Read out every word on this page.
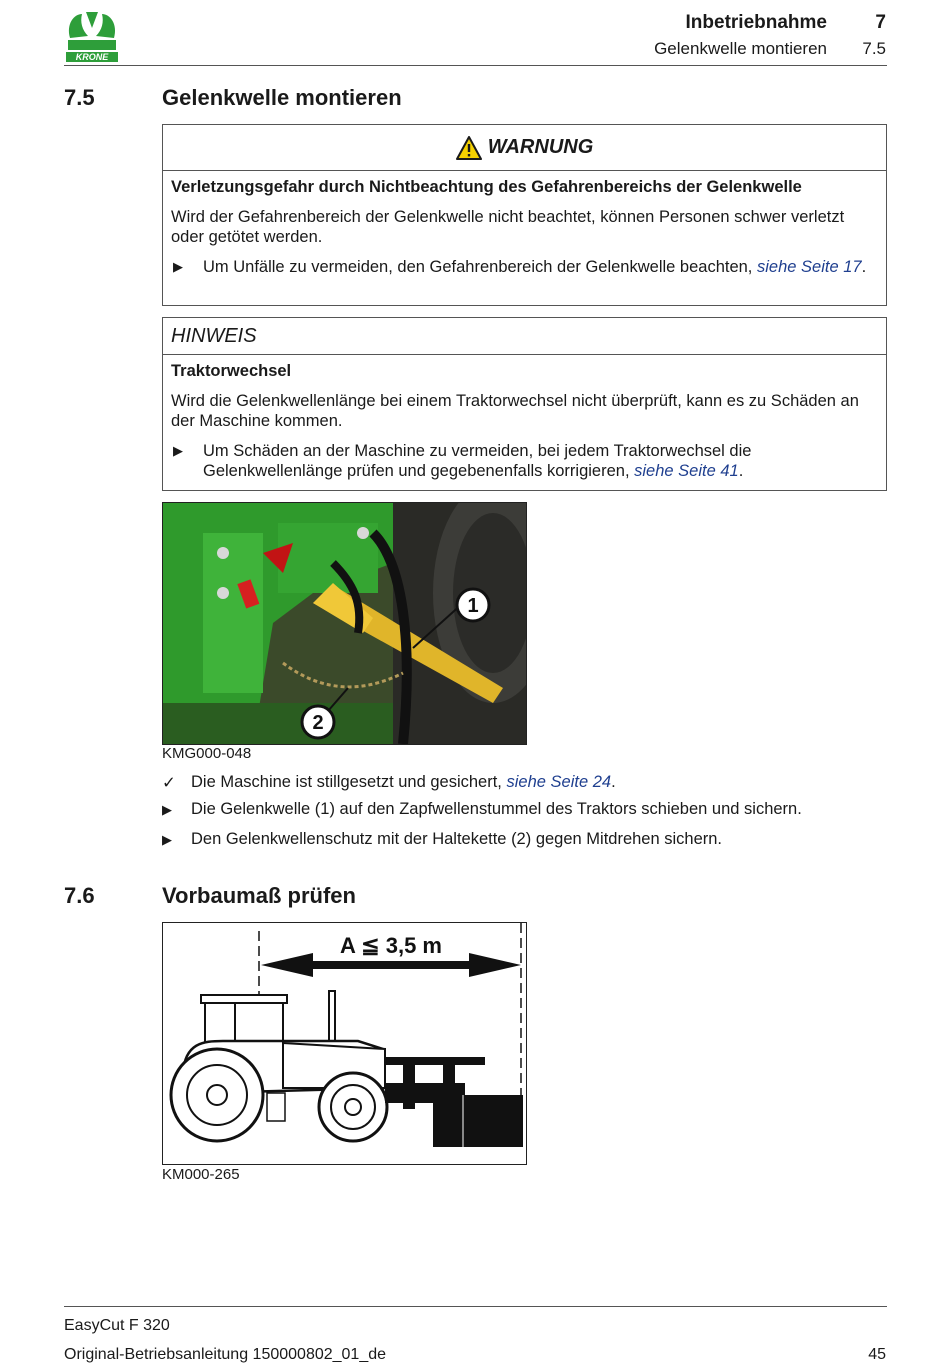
KRONE
Inbetriebnahme	7
Gelenkwelle montieren 7.5
7.5	Gelenkwelle montieren
WARNUNG
Verletzungsgefahr durch Nichtbeachtung des Gefahrenbereichs der Gelenkwelle

Wird der Gefahrenbereich der Gelenkwelle nicht beachtet, können Personen schwer verletzt oder getötet werden.

▶	Um Unfälle zu vermeiden, den Gefahrenbereich der Gelenkwelle beachten, siehe Seite 17.
HINWEIS
Traktorwechsel

Wird die Gelenkwellenlänge bei einem Traktorwechsel nicht überprüft, kann es zu Schäden an der Maschine kommen.

▶	Um Schäden an der Maschine zu vermeiden, bei jedem Traktorwechsel die Gelenkwellenlänge prüfen und gegebenenfalls korrigieren, siehe Seite 41.
1
2
KMG000-048
✓ Die Maschine ist stillgesetzt und gesichert, siehe Seite 24.
▶	Die Gelenkwelle (1) auf den Zapfwellenstummel des Traktors schieben und sichern.
▶	Den Gelenkwellenschutz mit der Haltekette (2) gegen Mitdrehen sichern.
7.6	Vorbaumaß prüfen
A ≦ 3,5 m
KM000-265
EasyCut F 320
Original-Betriebsanleitung 150000802_01_de	45
